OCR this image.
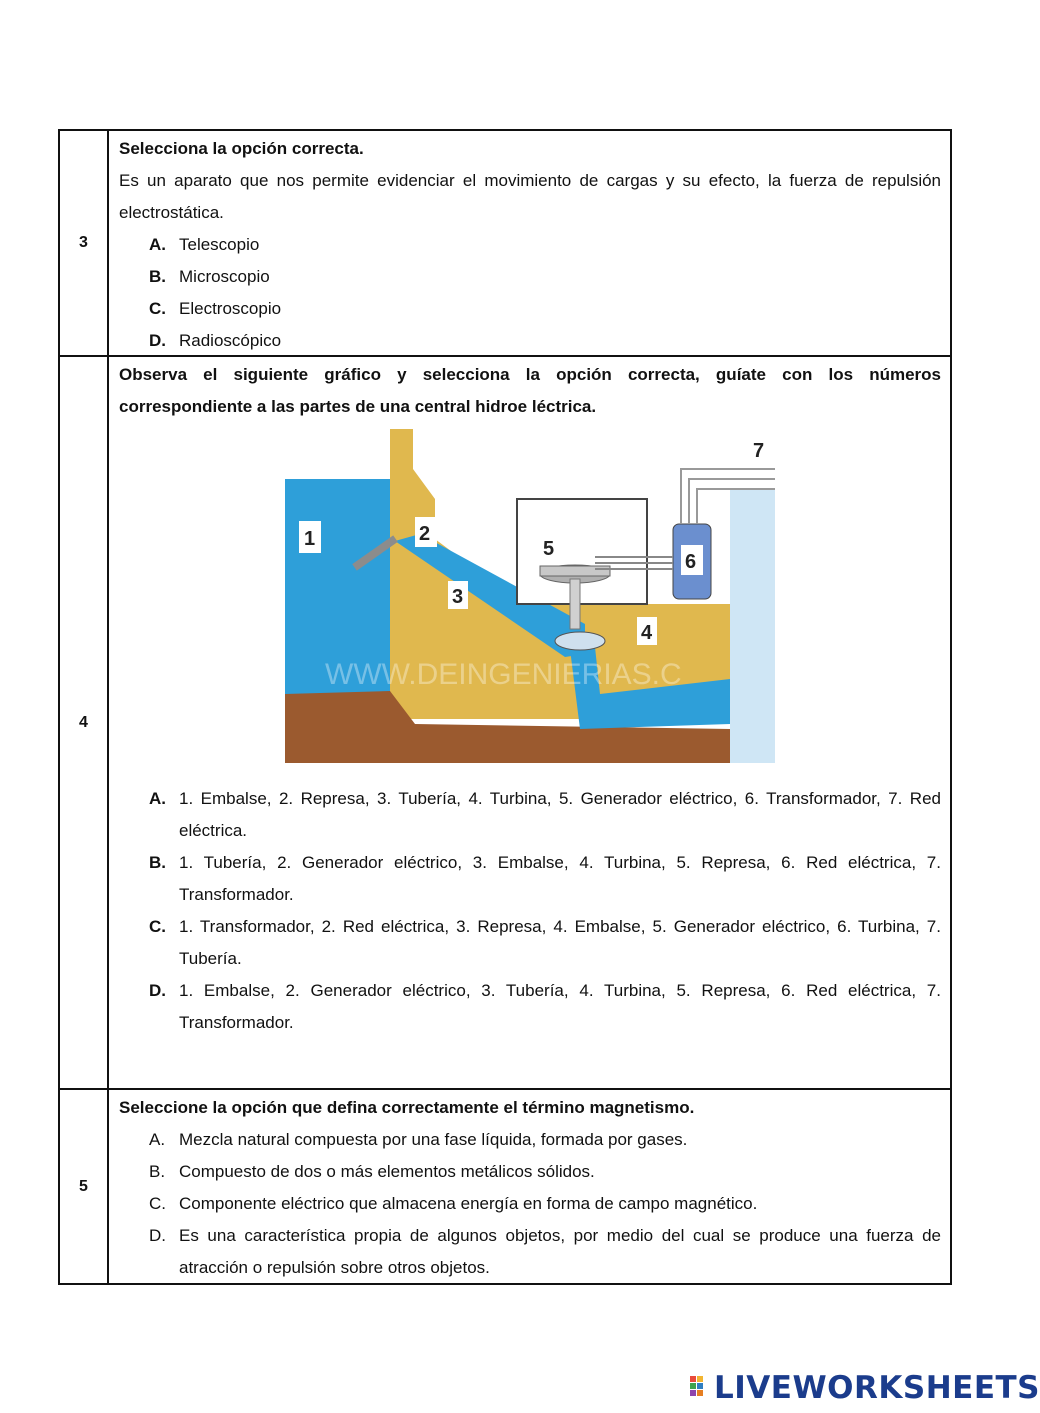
3
Selecciona la opción correcta.
Es un aparato que nos permite evidenciar el movimiento de cargas y su efecto, la fuerza de repulsión electrostática.
A. Telescopio
B. Microscopio
C. Electroscopio
D. Radioscópico
4
Observa el siguiente gráfico y selecciona la opción correcta, guíate con los números correspondiente a las partes de una central hidroe léctrica.
1	2
3
4
5
6
7
WWW.DEINGENIERIAS.C
A. 1. Embalse, 2. Represa, 3. Tubería, 4. Turbina, 5. Generador eléctrico, 6. Transformador, 7. Red eléctrica.
B. 1. Tubería, 2. Generador eléctrico, 3. Embalse, 4. Turbina, 5. Represa, 6. Red eléctrica, 7. Transformador.
C. 1. Transformador, 2. Red eléctrica, 3. Represa, 4. Embalse, 5. Generador eléctrico, 6. Turbina, 7. Tubería.
D. 1. Embalse, 2. Generador eléctrico, 3. Tubería, 4. Turbina, 5. Represa, 6. Red eléctrica, 7. Transformador.
5
Seleccione la opción que defina correctamente el término magnetismo.
A. Mezcla natural compuesta por una fase líquida, formada por gases.
B. Compuesto de dos o más elementos metálicos sólidos.
C. Componente eléctrico que almacena energía en forma de campo magnético.
D. Es una característica propia de algunos objetos, por medio del cual se produce una fuerza de atracción o repulsión sobre otros objetos.
LIVEWORKSHEETS
